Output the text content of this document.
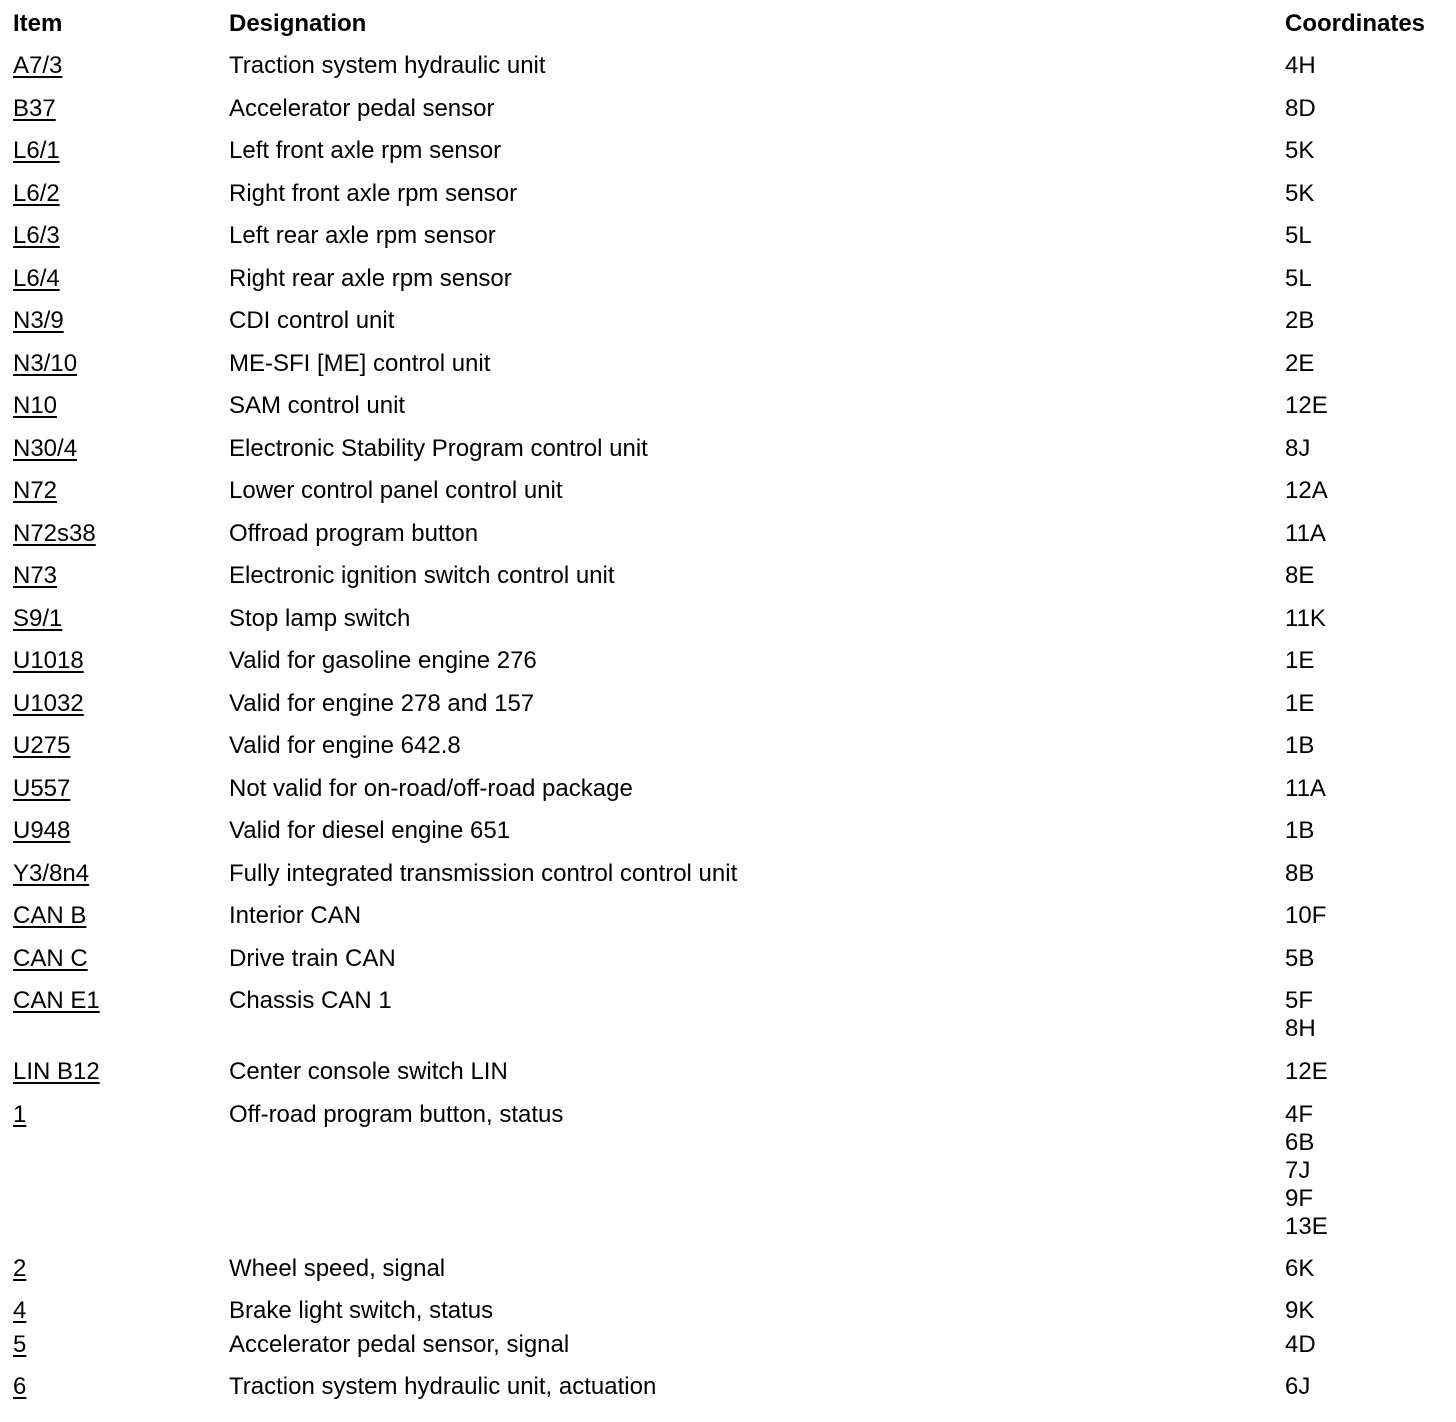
Item	Designation	Coordinates
A7/3	Traction system hydraulic unit	4H
B37	Accelerator pedal sensor	8D
L6/1	Left front axle rpm sensor	5K
L6/2	Right front axle rpm sensor	5K
L6/3	Left rear axle rpm sensor	5L
L6/4	Right rear axle rpm sensor	5L
N3/9	CDI control unit	2B
N3/10	ME-SFI [ME] control unit	2E
N10	SAM control unit	12E
N30/4	Electronic Stability Program control unit	8J
N72	Lower control panel control unit	12A
N72s38	Offroad program button	11A
N73	Electronic ignition switch control unit	8E
S9/1	Stop lamp switch	11K
U1018	Valid for gasoline engine 276	1E
U1032	Valid for engine 278 and 157	1E
U275	Valid for engine 642.8	1B
U557	Not valid for on-road/off-road package	11A
U948	Valid for diesel engine 651	1B
Y3/8n4	Fully integrated transmission control control unit	8B
CAN B	Interior CAN	10F
CAN C	Drive train CAN	5B
CAN E1	Chassis CAN 1	5F
8H
LIN B12	Center console switch LIN	12E
1	Off-road program button, status	4F
6B
7J
9F
13E
2	Wheel speed, signal	6K
4	Brake light switch, status	9K
5	Accelerator pedal sensor, signal	4D
6	Traction system hydraulic unit, actuation	6J
